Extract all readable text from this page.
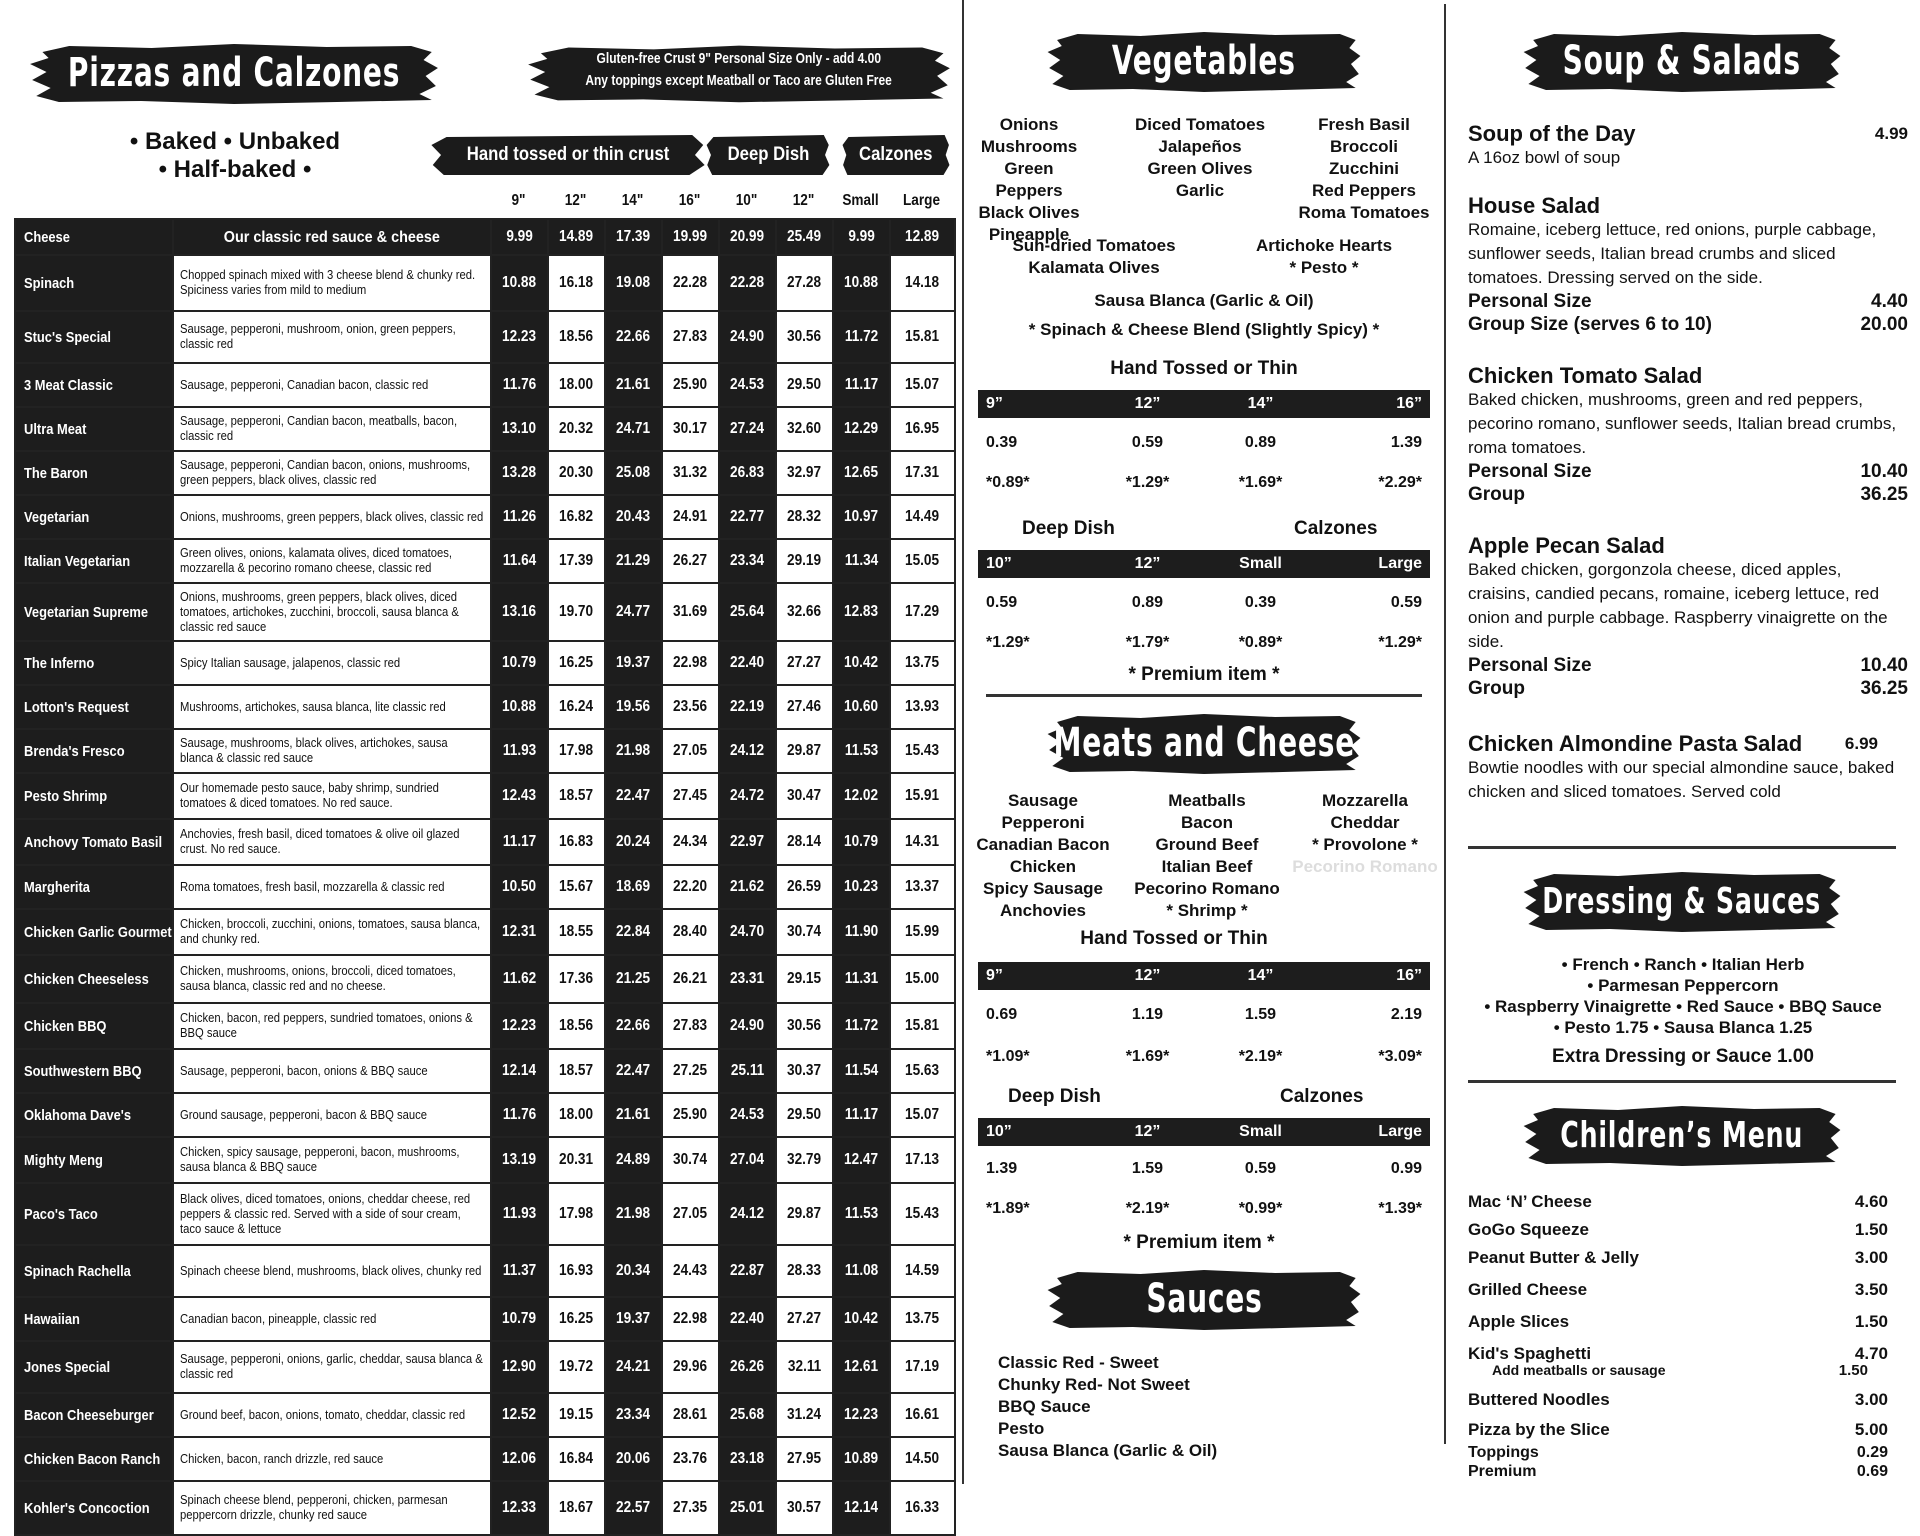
Pizzas and Calzones	Gluten-free Crust 9" Personal Size Only - add 4.00
Any toppings except Meatball or Taco are Gluten Free
• Baked • Unbaked
• Half-baked •
Hand tossed or thin crust	Deep Dish	Calzones
9"	12"	14"	16"	10"	12"	Small	Large
Cheese	Our classic red sauce & cheese	9.99	14.89	17.39	19.99	20.99	25.49	9.99	12.89
Spinach	Chopped spinach mixed with 3 cheese blend & chunky red. Spiciness varies from mild to medium	10.88	16.18	19.08	22.28	22.28	27.28	10.88	14.18
Stuc's Special	Sausage, pepperoni, mushroom, onion, green peppers, classic red	12.23	18.56	22.66	27.83	24.90	30.56	11.72	15.81
3 Meat Classic	Sausage, pepperoni, Canadian bacon, classic red	11.76	18.00	21.61	25.90	24.53	29.50	11.17	15.07
Ultra Meat	Sausage, pepperoni, Candian bacon, meatballs, bacon, classic red	13.10	20.32	24.71	30.17	27.24	32.60	12.29	16.95
The Baron	Sausage, pepperoni, Candian bacon, onions, mushrooms, green peppers, black olives, classic red	13.28	20.30	25.08	31.32	26.83	32.97	12.65	17.31
Vegetarian	Onions, mushrooms, green peppers, black olives, classic red	11.26	16.82	20.43	24.91	22.77	28.32	10.97	14.49
Italian Vegetarian	Green olives, onions, kalamata olives, diced tomatoes, mozzarella & pecorino romano cheese, classic red	11.64	17.39	21.29	26.27	23.34	29.19	11.34	15.05
Vegetarian Supreme	Onions, mushrooms, green peppers, black olives, diced tomatoes, artichokes, zucchini, broccoli, sausa blanca & classic red sauce	13.16	19.70	24.77	31.69	25.64	32.66	12.83	17.29
The Inferno	Spicy Italian sausage, jalapenos, classic red	10.79	16.25	19.37	22.98	22.40	27.27	10.42	13.75
Lotton's Request	Mushrooms, artichokes, sausa blanca, lite classic red	10.88	16.24	19.56	23.56	22.19	27.46	10.60	13.93
Brenda's Fresco	Sausage, mushrooms, black olives, artichokes, sausa blanca & classic red sauce	11.93	17.98	21.98	27.05	24.12	29.87	11.53	15.43
Pesto Shrimp	Our homemade pesto sauce, baby shrimp, sundried tomatoes & diced tomatoes. No red sauce.	12.43	18.57	22.47	27.45	24.72	30.47	12.02	15.91
Anchovy Tomato Basil	Anchovies, fresh basil, diced tomatoes & olive oil glazed crust. No red sauce.	11.17	16.83	20.24	24.34	22.97	28.14	10.79	14.31
Margherita	Roma tomatoes, fresh basil, mozzarella & classic red	10.50	15.67	18.69	22.20	21.62	26.59	10.23	13.37
Chicken Garlic Gourmet	Chicken, broccoli, zucchini, onions, tomatoes, sausa blanca, and chunky red.	12.31	18.55	22.84	28.40	24.70	30.74	11.90	15.99
Chicken Cheeseless	Chicken, mushrooms, onions, broccoli, diced tomatoes, sausa blanca, classic red and no cheese.	11.62	17.36	21.25	26.21	23.31	29.15	11.31	15.00
Chicken BBQ	Chicken, bacon, red peppers, sundried tomatoes, onions & BBQ sauce	12.23	18.56	22.66	27.83	24.90	30.56	11.72	15.81
Southwestern BBQ	Sausage, pepperoni, bacon, onions & BBQ sauce	12.14	18.57	22.47	27.25	25.11	30.37	11.54	15.63
Oklahoma Dave's	Ground sausage, pepperoni, bacon & BBQ sauce	11.76	18.00	21.61	25.90	24.53	29.50	11.17	15.07
Mighty Meng	Chicken, spicy sausage, pepperoni, bacon, mushrooms, sausa blanca & BBQ sauce	13.19	20.31	24.89	30.74	27.04	32.79	12.47	17.13
Paco's Taco	Black olives, diced tomatoes, onions, cheddar cheese, red peppers & classic red. Served with a side of sour cream, taco sauce & lettuce	11.93	17.98	21.98	27.05	24.12	29.87	11.53	15.43
Spinach Rachella	Spinach cheese blend, mushrooms, black olives, chunky red	11.37	16.93	20.34	24.43	22.87	28.33	11.08	14.59
Hawaiian	Canadian bacon, pineapple, classic red	10.79	16.25	19.37	22.98	22.40	27.27	10.42	13.75
Jones Special	Sausage, pepperoni, onions, garlic, cheddar, sausa blanca & classic red	12.90	19.72	24.21	29.96	26.26	32.11	12.61	17.19
Bacon Cheeseburger	Ground beef, bacon, onions, tomato, cheddar, classic red	12.52	19.15	23.34	28.61	25.68	31.24	12.23	16.61
Chicken Bacon Ranch	Chicken, bacon, ranch drizzle, red sauce	12.06	16.84	20.06	23.76	23.18	27.95	10.89	14.50
Kohler's Concoction	Spinach cheese blend, pepperoni, chicken, parmesan peppercorn drizzle, chunky red sauce	12.33	18.67	22.57	27.35	25.01	30.57	12.14	16.33
Vegetables
Onions
Mushrooms
Green Peppers
Black Olives
Pineapple
Diced Tomatoes
Jalapeños
Green Olives
Garlic
Fresh Basil
Broccoli
Zucchini
Red Peppers
Roma Tomatoes
Sun-dried Tomatoes
Kalamata Olives
Artichoke Hearts
* Pesto *
Sausa Blanca (Garlic & Oil)
* Spinach & Cheese Blend (Slightly Spicy) *
Hand Tossed or Thin
9”	12”	14”	16”
0.39	0.59	0.89	1.39
*0.89*	*1.29*	*1.69*	*2.29*
Deep Dish	Calzones
10”	12”	Small	Large
0.59	0.89	0.39	0.59
*1.29*	*1.79*	*0.89*	*1.29*
* Premium item *
Meats and Cheese
Sausage
Pepperoni
Canadian Bacon
Chicken
Spicy Sausage
Anchovies
Meatballs
Bacon
Ground Beef
Italian Beef
Pecorino Romano
* Shrimp *
Mozzarella
Cheddar
* Provolone *
Pecorino Romano
Hand Tossed or Thin
9”	12”	14”	16”
0.69	1.19	1.59	2.19
*1.09*	*1.69*	*2.19*	*3.09*
Deep Dish	Calzones
10”	12”	Small	Large
1.39	1.59	0.59	0.99
*1.89*	*2.19*	*0.99*	*1.39*
* Premium item *
Sauces
Classic Red - Sweet
Chunky Red- Not Sweet
BBQ Sauce
Pesto
Sausa Blanca (Garlic & Oil)
Soup & Salads
Soup of the Day	4.99
A 16oz bowl of soup
House Salad
Romaine, iceberg lettuce, red onions, purple cabbage, sunflower seeds, Italian bread crumbs and sliced tomatoes. Dressing served on the side.
Personal Size	4.40
Group Size (serves 6 to 10)	20.00
Chicken Tomato Salad
Baked chicken, mushrooms, green and red peppers, pecorino romano, sunflower seeds, Italian bread crumbs, roma tomatoes.
Personal Size	10.40
Group	36.25
Apple Pecan Salad
Baked chicken, gorgonzola cheese, diced apples, craisins, candied pecans, romaine, iceberg lettuce, red onion and purple cabbage. Raspberry vinaigrette on the side.
Personal Size	10.40
Group	36.25
Chicken Almondine Pasta Salad	6.99
Bowtie noodles with our special almondine sauce, baked chicken and sliced tomatoes. Served cold
Dressing & Sauces
• French • Ranch • Italian Herb
• Parmesan Peppercorn
• Raspberry Vinaigrette • Red Sauce • BBQ Sauce
• Pesto 1.75 • Sausa Blanca 1.25
Extra Dressing or Sauce 1.00
Children’s Menu
Mac ‘N’ Cheese	4.60
GoGo Squeeze	1.50
Peanut Butter & Jelly	3.00
Grilled Cheese	3.50
Apple Slices	1.50
Kid's Spaghetti	4.70
Buttered Noodles	3.00
Pizza by the Slice	5.00
Add meatballs or sausage	1.50
Toppings	0.29
Premium	0.69
